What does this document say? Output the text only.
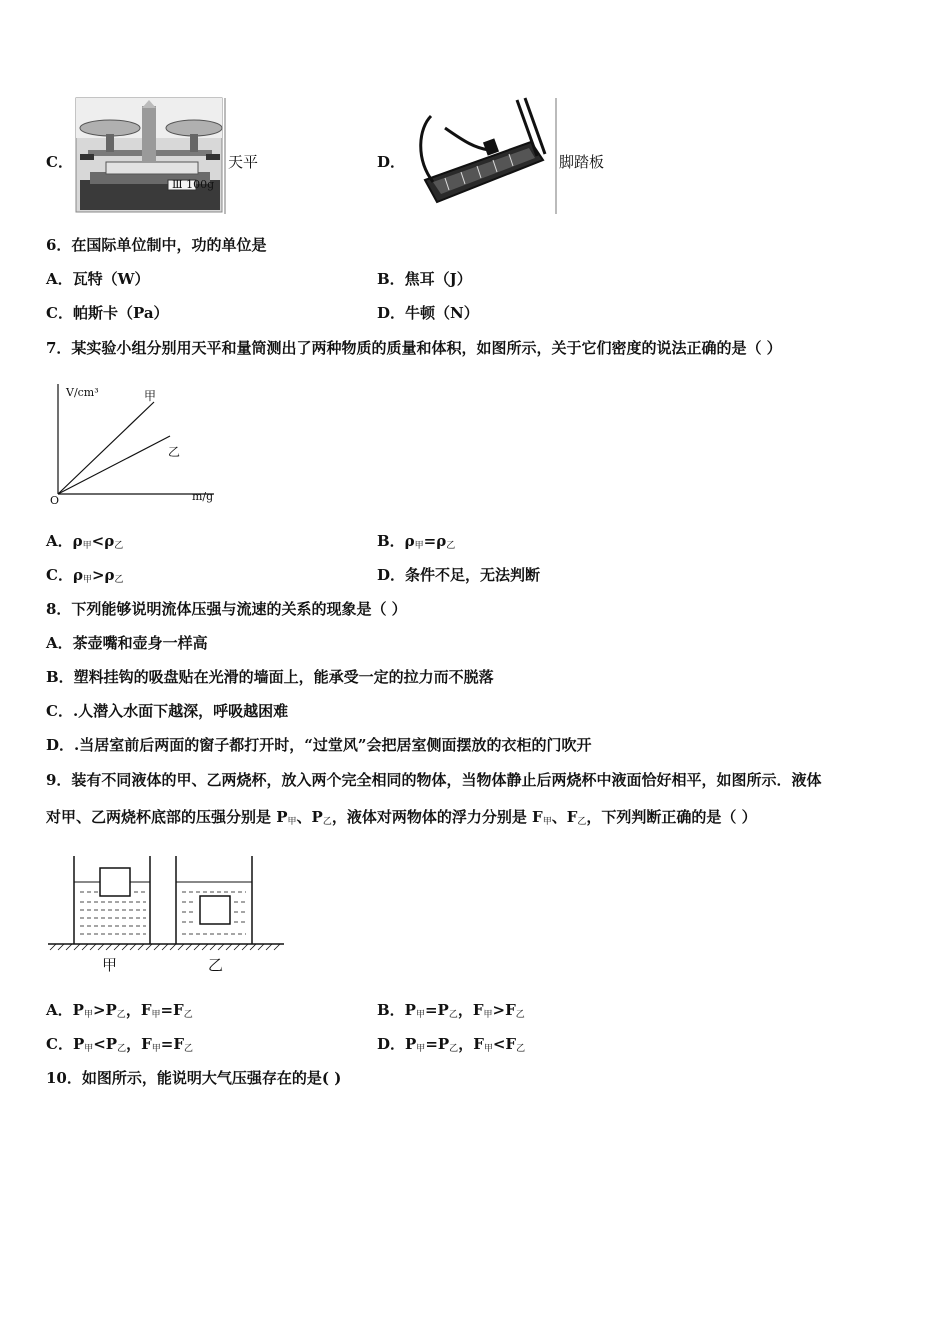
C．
Ⅲ 100g
天平	D．	脚踏板
6．在国际单位制中，功的单位是
A．瓦特（W）	B．焦耳（J）
C．帕斯卡（Pa）	D．牛顿（N）
7．某实验小组分别用天平和量筒测出了两种物质的质量和体积，如图所示，关于它们密度的说法正确的是（ ）
V/cm³
m/g
O
甲
乙
A．$\rho_甲<\rho_乙$	B．$\rho_甲=\rho_乙$
C．$\rho_甲>\rho_乙$	D．条件不足，无法判断
8．下列能够说明流体压强与流速的关系的现象是（ ）
A．茶壶嘴和壶身一样高
B．塑料挂钩的吸盘贴在光滑的墙面上，能承受一定的拉力而不脱落
C．.人潜入水面下越深，呼吸越困难
D．.当居室前后两面的窗子都打开时，“过堂风”会把居室侧面摆放的衣柜的门吹开
9．装有不同液体的甲、乙两烧杯，放入两个完全相同的物体，当物体静止后两烧杯中液面恰好相平，如图所示．液体
对甲、乙两烧杯底部的压强分别是 $P_甲$、$P_乙$，液体对两物体的浮力分别是 $F_甲$、$F_乙$，下列判断正确的是（ ）
甲	乙
A．$P_甲>P_乙$，$F_甲=F_乙$	B．$P_甲=P_乙$，$F_甲>F_乙$
C．$P_甲<P_乙$，$F_甲=F_乙$	D．$P_甲=P_乙$，$F_甲<F_乙$
10．如图所示，能说明大气压强存在的是( )
